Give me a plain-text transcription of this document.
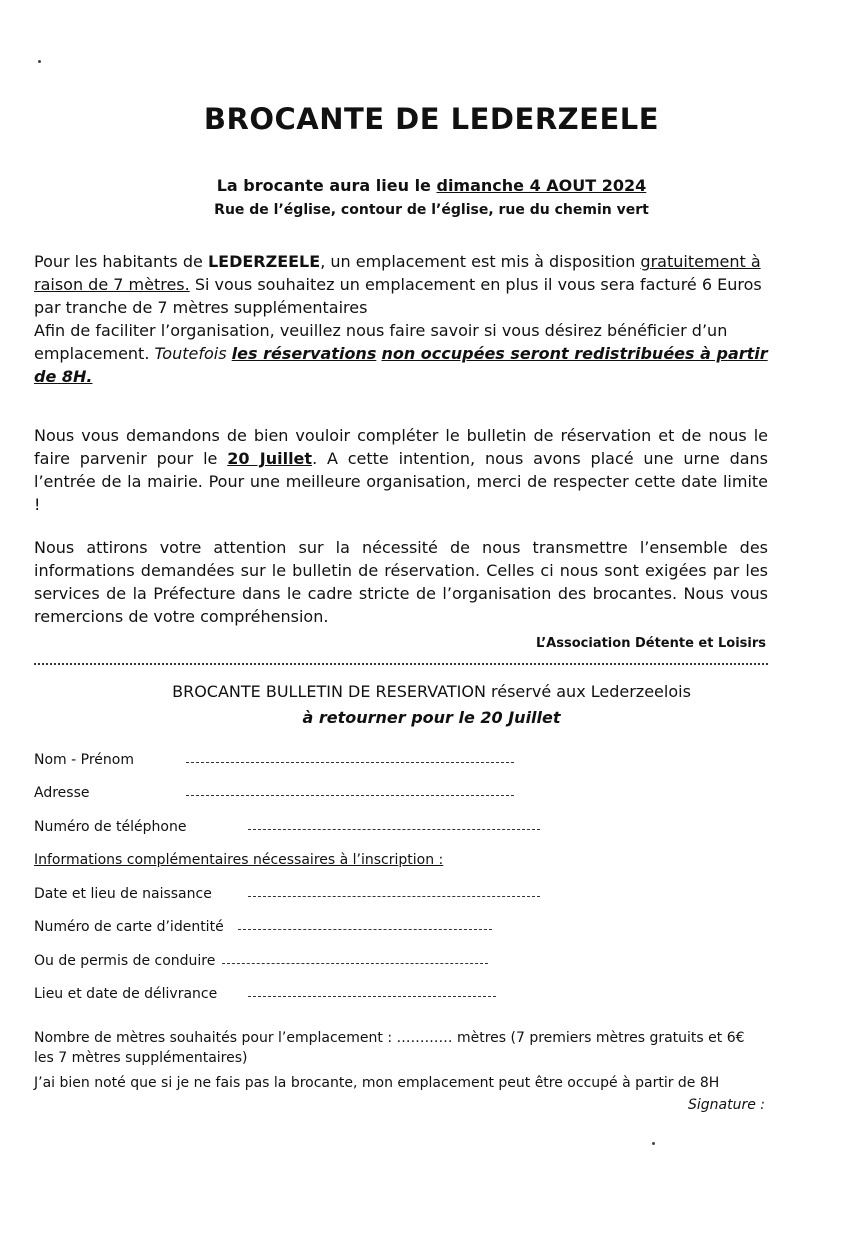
BROCANTE DE LEDERZEELE
La brocante aura lieu le dimanche 4 AOUT 2024
Rue de l’église, contour de l’église, rue du chemin vert

Pour les habitants de LEDERZEELE, un emplacement est mis à disposition gratuitement à raison de 7 mètres. Si vous souhaitez un emplacement en plus il vous sera facturé 6 Euros par tranche de 7 mètres supplémentaires
Afin de faciliter l’organisation, veuillez nous faire savoir si vous désirez bénéficier d’un emplacement. Toutefois les réservations non occupées seront redistribuées à partir de 8H.

Nous vous demandons de bien vouloir compléter le bulletin de réservation et de nous le faire parvenir pour le 20 Juillet. A cette intention, nous avons placé une urne dans l’entrée de la mairie. Pour une meilleure organisation, merci de respecter cette date limite !

Nous attirons votre attention sur la nécessité de nous transmettre l’ensemble des informations demandées sur le bulletin de réservation. Celles ci nous sont exigées par les services de la Préfecture dans le cadre stricte de l’organisation des brocantes. Nous vous remercions de votre compréhension.

L’Association Détente et Loisirs
BROCANTE BULLETIN DE RESERVATION réservé aux Lederzeelois
à retourner pour le 20 Juillet
Nom - Prénom
Adresse
Numéro de téléphone
Informations complémentaires nécessaires à l’inscription :
Date et lieu de naissance
Numéro de carte d’identité
Ou de permis de conduire
Lieu et date de délivrance
Nombre de mètres souhaités pour l’emplacement : ………… mètres (7 premiers mètres gratuits et 6€ les 7 mètres supplémentaires)
J’ai bien noté que si je ne fais pas la brocante, mon emplacement peut être occupé à partir de 8H
Signature :
